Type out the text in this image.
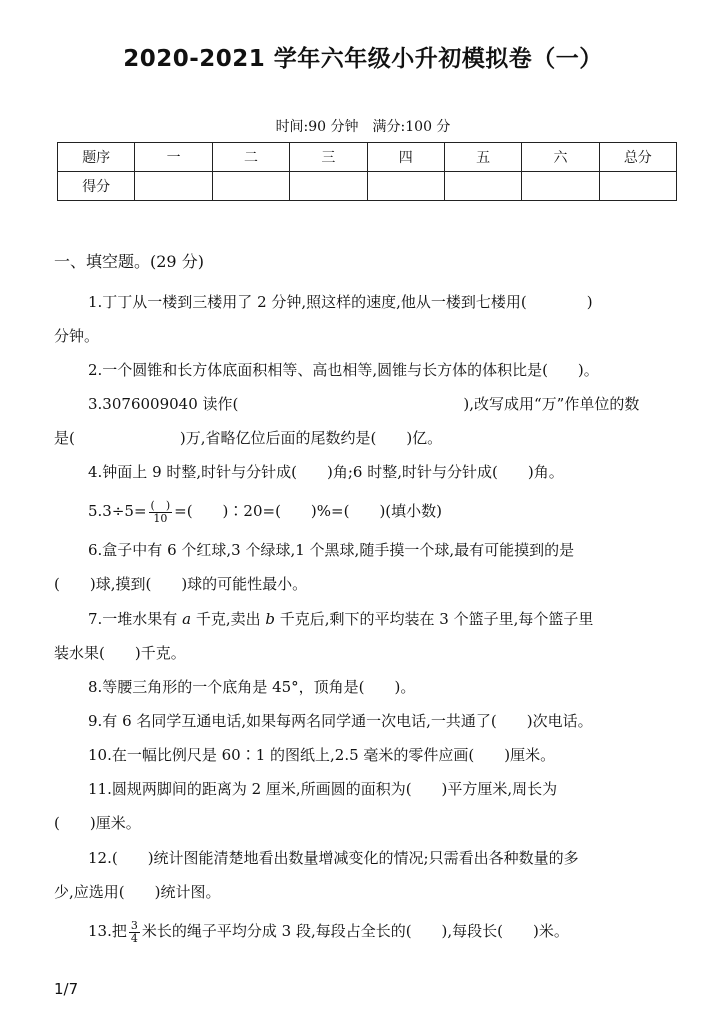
2020-2021 学年六年级小升初模拟卷（一）
时间:90 分钟　满分:100 分
题序	一	二	三	四	五	六	总分
得分							
一、填空题。(29 分)
1.丁丁从一楼到三楼用了 2 分钟,照这样的速度,他从一楼到七楼用(　　　　)
分钟。
2.一个圆锥和长方体底面积相等、高也相等,圆锥与长方体的体积比是(　　)。
3.3076009040 读作(　　　　　　　　　　　　　　　),改写成用“万”作单位的数
是(　　　　　　　)万,省略亿位后面的尾数约是(　　)亿。
4.钟面上 9 时整,时针与分针成(　　)角;6 时整,时针与分针成(　　)角。
$5.3\div 5= \frac{( )}{10}$ =(　　)∶20=(　　)%=(　　)(填小数)
6.盒子中有 6 个红球,3 个绿球,1 个黑球,随手摸一个球,最有可能摸到的是
(　　)球,摸到(　　)球的可能性最小。
7.一堆水果有 a 千克,卖出 b 千克后,剩下的平均装在 3 个篮子里,每个篮子里
装水果(　　)千克。
8.等腰三角形的一个底角是 45°，顶角是(　　)。
9.有 6 名同学互通电话,如果每两名同学通一次电话,一共通了(　　)次电话。
10.在一幅比例尺是 60∶1 的图纸上,2.5 毫米的零件应画(　　)厘米。
11.圆规两脚间的距离为 2 厘米,所画圆的面积为(　　)平方厘米,周长为
(　　)厘米。
12.(　　)统计图能清楚地看出数量增减变化的情况;只需看出各种数量的多
少,应选用(　　)统计图。
13.把 $\frac{3}{4}$ 米长的绳子平均分成 3 段,每段占全长的(　　),每段长(　　)米。
1/7
